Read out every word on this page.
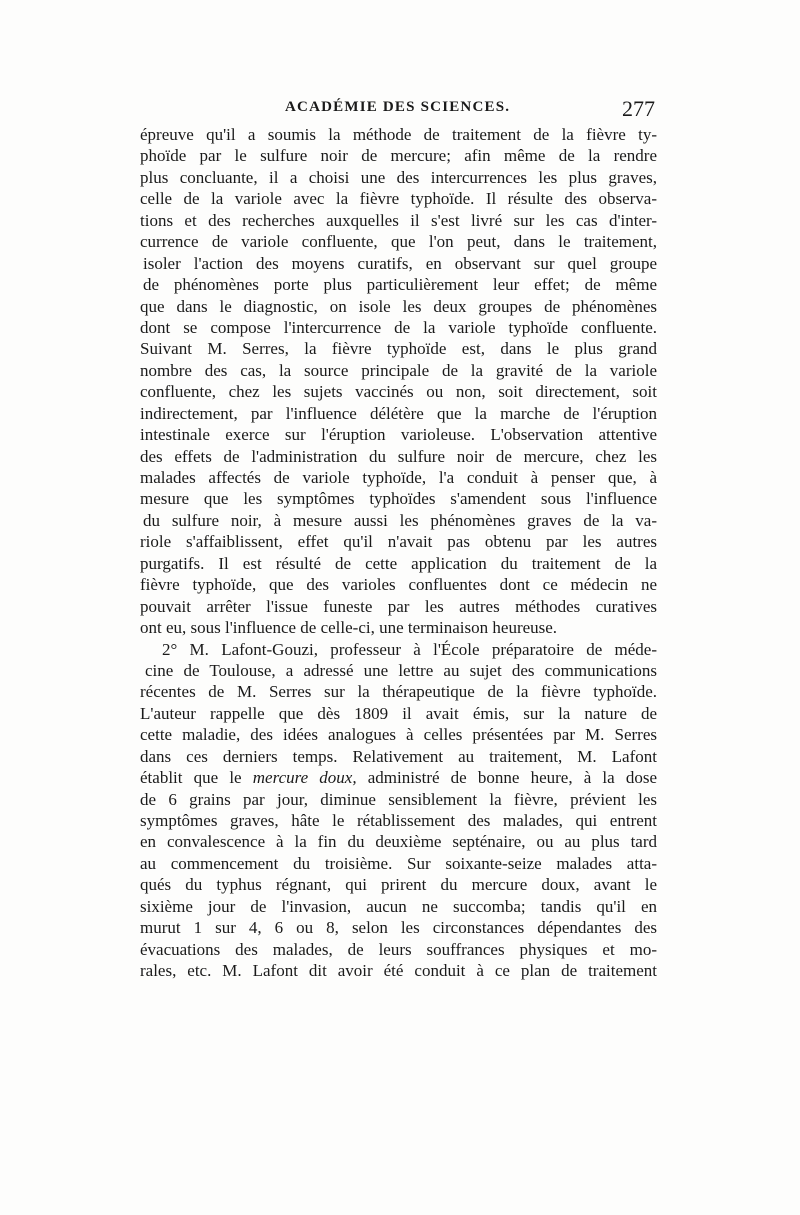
ACADÉMIE DES SCIENCES.	277
épreuve qu'il a soumis la méthode de traitement de la fièvre ty-
phoïde par le sulfure noir de mercure; afin même de la rendre
plus concluante, il a choisi une des intercurrences les plus graves,
celle de la variole avec la fièvre typhoïde. Il résulte des observa-
tions et des recherches auxquelles il s'est livré sur les cas d'inter-
currence de variole confluente, que l'on peut, dans le traitement,
isoler l'action des moyens curatifs, en observant sur quel groupe
de phénomènes porte plus particulièrement leur effet; de même
que dans le diagnostic, on isole les deux groupes de phénomènes
dont se compose l'intercurrence de la variole typhoïde confluente.
Suivant M. Serres, la fièvre typhoïde est, dans le plus grand
nombre des cas, la source principale de la gravité de la variole
confluente, chez les sujets vaccinés ou non, soit directement, soit
indirectement, par l'influence délétère que la marche de l'éruption
intestinale exerce sur l'éruption varioleuse. L'observation attentive
des effets de l'administration du sulfure noir de mercure, chez les
malades affectés de variole typhoïde, l'a conduit à penser que, à
mesure que les symptômes typhoïdes s'amendent sous l'influence
du sulfure noir, à mesure aussi les phénomènes graves de la va-
riole s'affaiblissent, effet qu'il n'avait pas obtenu par les autres
purgatifs. Il est résulté de cette application du traitement de la
fièvre typhoïde, que des varioles confluentes dont ce médecin ne
pouvait arrêter l'issue funeste par les autres méthodes curatives
ont eu, sous l'influence de celle-ci, une terminaison heureuse.
2° M. Lafont-Gouzi, professeur à l'École préparatoire de méde-
cine de Toulouse, a adressé une lettre au sujet des communications
récentes de M. Serres sur la thérapeutique de la fièvre typhoïde.
L'auteur rappelle que dès 1809 il avait émis, sur la nature de
cette maladie, des idées analogues à celles présentées par M. Serres
dans ces derniers temps. Relativement au traitement, M. Lafont
établit que le mercure doux, administré de bonne heure, à la dose
de 6 grains par jour, diminue sensiblement la fièvre, prévient les
symptômes graves, hâte le rétablissement des malades, qui entrent
en convalescence à la fin du deuxième septénaire, ou au plus tard
au commencement du troisième. Sur soixante-seize malades atta-
qués du typhus régnant, qui prirent du mercure doux, avant le
sixième jour de l'invasion, aucun ne succomba; tandis qu'il en
murut 1 sur 4, 6 ou 8, selon les circonstances dépendantes des
évacuations des malades, de leurs souffrances physiques et mo-
rales, etc. M. Lafont dit avoir été conduit à ce plan de traitement
